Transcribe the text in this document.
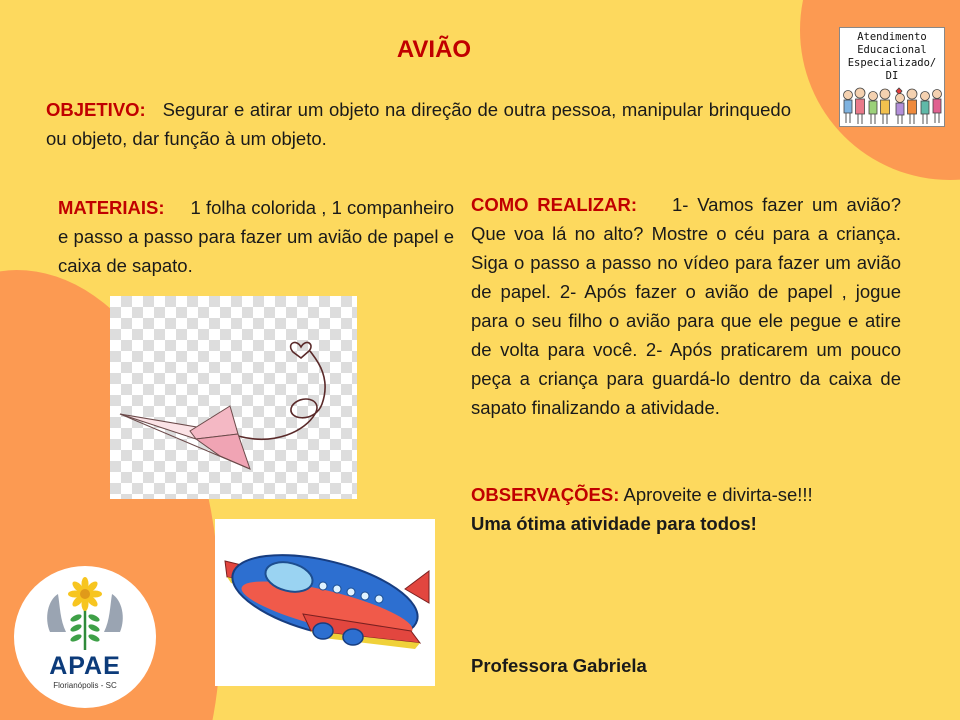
AVIÃO	Atendimento
Educacional
Especializado/ DI
OBJETIVO: Segurar e atirar um objeto na direção de outra pessoa, manipular brinquedo ou objeto, dar função à um objeto.
MATERIAIS: 1 folha colorida , 1 companheiro e passo a passo para fazer um avião de papel e caixa de sapato.
COMO REALIZAR: 1- Vamos fazer um avião? Que voa lá no alto? Mostre o céu para a criança. Siga o passo a passo no vídeo para fazer um avião de papel. 2- Após fazer o avião de papel , jogue para o seu filho o avião para que ele pegue e atire de volta para você. 2- Após praticarem um pouco peça a criança para guardá-lo dentro da caixa de sapato finalizando a atividade.
OBSERVAÇÕES: Aproveite e divirta-se!!!
Uma ótima atividade para todos!
Professora Gabriela
APAE
Florianópolis - SC
